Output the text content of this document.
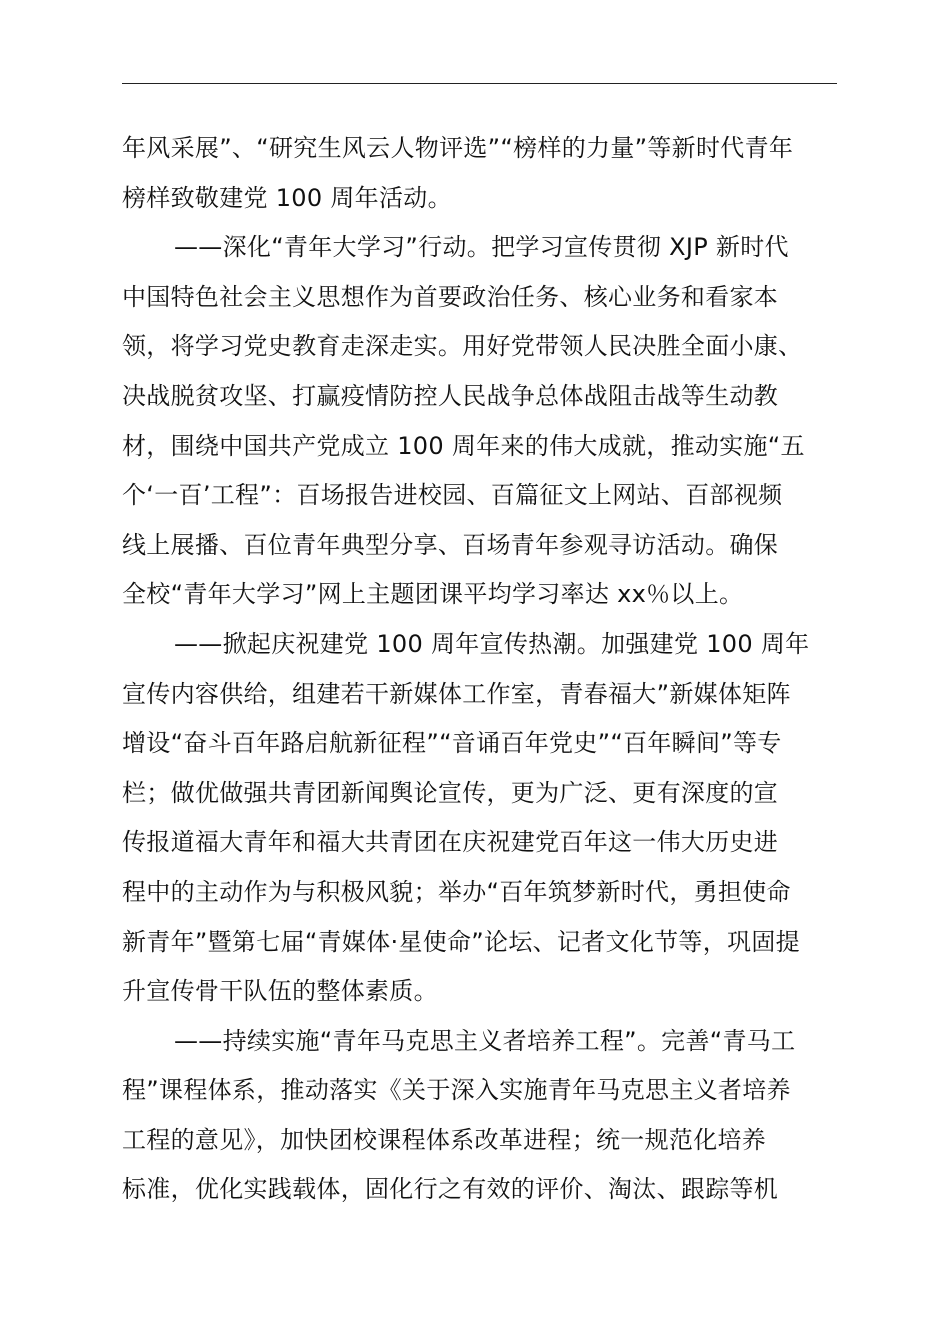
年风采展”、“研究生风云人物评选”“榜样的力量”等新时代青年
榜样致敬建党 100 周年活动。
——深化“青年大学习”行动。把学习宣传贯彻 XJP 新时代
中国特色社会主义思想作为首要政治任务、核心业务和看家本
领，将学习党史教育走深走实。用好党带领人民决胜全面小康、
决战脱贫攻坚、打赢疫情防控人民战争总体战阻击战等生动教
材，围绕中国共产党成立 100 周年来的伟大成就，推动实施“五
个‘一百’工程”：百场报告进校园、百篇征文上网站、百部视频
线上展播、百位青年典型分享、百场青年参观寻访活动。确保
全校“青年大学习”网上主题团课平均学习率达 xx％以上。
——掀起庆祝建党 100 周年宣传热潮。加强建党 100 周年
宣传内容供给，组建若干新媒体工作室，青春福大”新媒体矩阵
增设“奋斗百年路启航新征程”“音诵百年党史”“百年瞬间”等专
栏；做优做强共青团新闻舆论宣传，更为广泛、更有深度的宣
传报道福大青年和福大共青团在庆祝建党百年这一伟大历史进
程中的主动作为与积极风貌；举办“百年筑梦新时代，勇担使命
新青年”暨第七届“青媒体·星使命”论坛、记者文化节等，巩固提
升宣传骨干队伍的整体素质。
——持续实施“青年马克思主义者培养工程”。完善“青马工
程”课程体系，推动落实《关于深入实施青年马克思主义者培养
工程的意见》，加快团校课程体系改革进程；统一规范化培养
标准，优化实践载体，固化行之有效的评价、淘汰、跟踪等机
